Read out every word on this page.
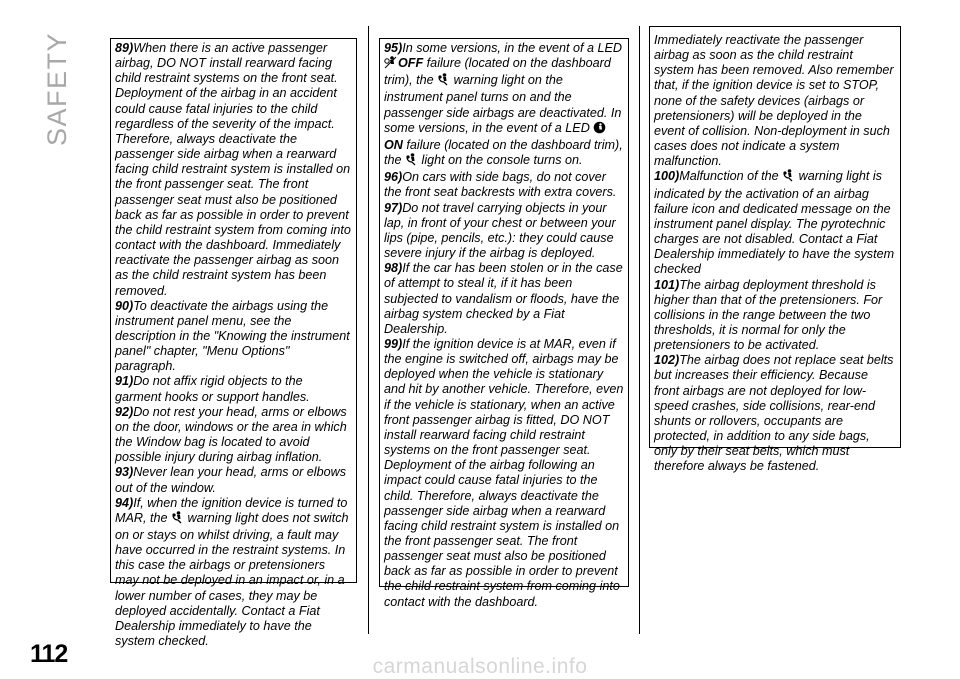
SAFETY	89)When there is an active passenger airbag, DO NOT install rearward facing child restraint systems on the front seat. Deployment of the airbag in an accident could cause fatal injuries to the child regardless of the severity of the impact. Therefore, always deactivate the passenger side airbag when a rearward facing child restraint system is installed on the front passenger seat. The front passenger seat must also be positioned back as far as possible in order to prevent the child restraint system from coming into contact with the dashboard. Immediately reactivate the passenger airbag as soon as the child restraint system has been removed.

90)To deactivate the airbags using the instrument panel menu, see the description in the "Knowing the instrument panel" chapter, "Menu Options" paragraph.

91)Do not affix rigid objects to the garment hooks or support handles.

92)Do not rest your head, arms or elbows on the door, windows or the area in which the Window bag is located to avoid possible injury during airbag inflation.

93)Never lean your head, arms or elbows out of the window.

94)If, when the ignition device is turned to MAR, the  warning light does not switch on or stays on whilst driving, a fault may have occurred in the restraint systems. In this case the airbags or pretensioners may not be deployed in an impact or, in a lower number of cases, they may be deployed accidentally. Contact a Fiat Dealership immediately to have the system checked.

95)In some versions, in the event of a LED OFF failure (located on the dashboard trim), the  warning light on the instrument panel turns on and the passenger side airbags are deactivated. In some versions, in the event of a LED ON failure (located on the dashboard trim), the  light on the console turns on.

96)On cars with side bags, do not cover the front seat backrests with extra covers.

97)Do not travel carrying objects in your lap, in front of your chest or between your lips (pipe, pencils, etc.): they could cause severe injury if the airbag is deployed.

98)If the car has been stolen or in the case of attempt to steal it, if it has been subjected to vandalism or floods, have the airbag system checked by a Fiat Dealership.

99)If the ignition device is at MAR, even if the engine is switched off, airbags may be deployed when the vehicle is stationary and hit by another vehicle. Therefore, even if the vehicle is stationary, when an active front passenger airbag is fitted, DO NOT install rearward facing child restraint systems on the front passenger seat. Deployment of the airbag following an impact could cause fatal injuries to the child. Therefore, always deactivate the passenger side airbag when a rearward facing child restraint system is installed on the front passenger seat. The front passenger seat must also be positioned back as far as possible in order to prevent the child restraint system from coming into contact with the dashboard.

Immediately reactivate the passenger airbag as soon as the child restraint system has been removed. Also remember that, if the ignition device is set to STOP, none of the safety devices (airbags or pretensioners) will be deployed in the event of collision. Non-deployment in such cases does not indicate a system malfunction.

100)Malfunction of the  warning light is indicated by the activation of an airbag failure icon and dedicated message on the instrument panel display. The pyrotechnic charges are not disabled. Contact a Fiat Dealership immediately to have the system checked

101)The airbag deployment threshold is higher than that of the pretensioners. For collisions in the range between the two thresholds, it is normal for only the pretensioners to be activated.

102)The airbag does not replace seat belts but increases their efficiency. Because front airbags are not deployed for low-speed crashes, side collisions, rear-end shunts or rollovers, occupants are protected, in addition to any side bags, only by their seat belts, which must therefore always be fastened.

112	carmanualsonline.info
